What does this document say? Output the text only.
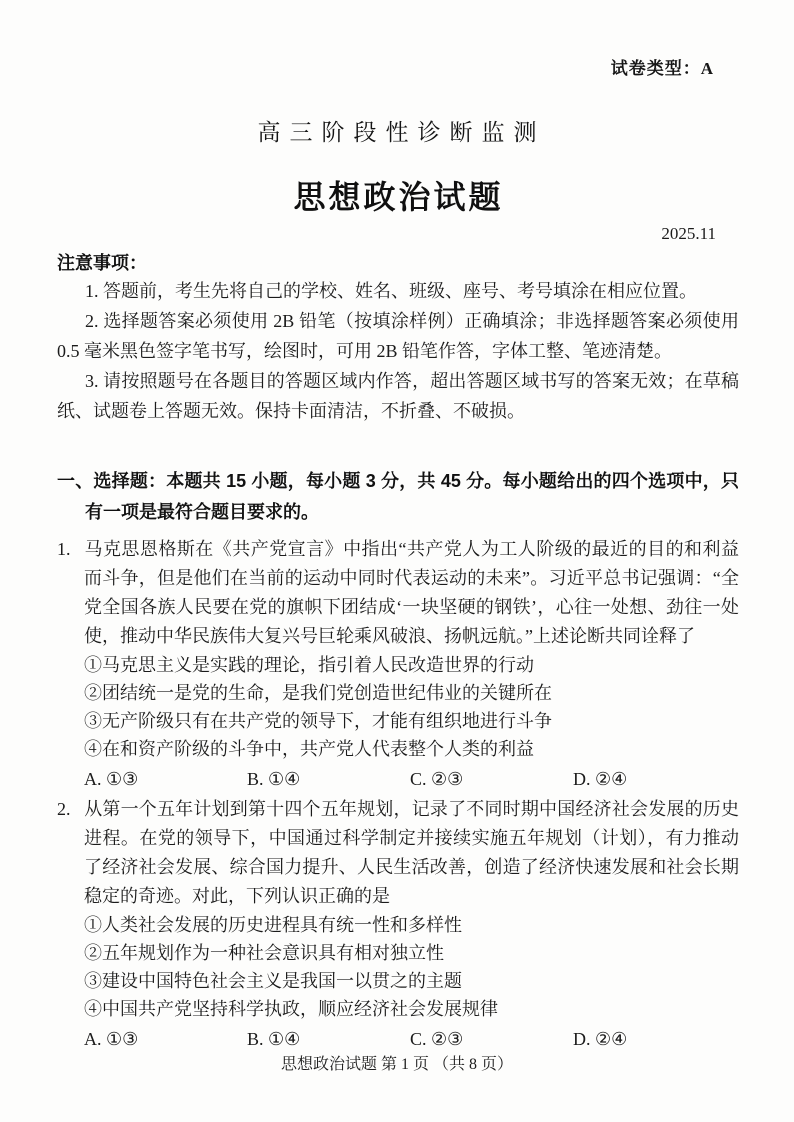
试卷类型：A
高三阶段性诊断监测
思想政治试题
2025.11
注意事项：

1. 答题前，考生先将自己的学校、姓名、班级、座号、考号填涂在相应位置。

2. 选择题答案必须使用 2B 铅笔（按填涂样例）正确填涂；非选择题答案必须使用 0.5 毫米黑色签字笔书写，绘图时，可用 2B 铅笔作答，字体工整、笔迹清楚。

3. 请按照题号在各题目的答题区域内作答，超出答题区域书写的答案无效；在草稿纸、试题卷上答题无效。保持卡面清洁，不折叠、不破损。

一、选择题：本题共 15 小题，每小题 3 分，共 45 分。每小题给出的四个选项中，只有一项是最符合题目要求的。

1. 马克思恩格斯在《共产党宣言》中指出“共产党人为工人阶级的最近的目的和利益而斗争，但是他们在当前的运动中同时代表运动的未来”。习近平总书记强调：“全党全国各族人民要在党的旗帜下团结成‘一块坚硬的钢铁’，心往一处想、劲往一处使，推动中华民族伟大复兴号巨轮乘风破浪、扬帆远航。”上述论断共同诠释了

①马克思主义是实践的理论，指引着人民改造世界的行动

②团结统一是党的生命，是我们党创造世纪伟业的关键所在

③无产阶级只有在共产党的领导下，才能有组织地进行斗争

④在和资产阶级的斗争中，共产党人代表整个人类的利益

A. ①③	B. ①④	C. ②③	D. ②④

2. 从第一个五年计划到第十四个五年规划，记录了不同时期中国经济社会发展的历史进程。在党的领导下，中国通过科学制定并接续实施五年规划（计划），有力推动了经济社会发展、综合国力提升、人民生活改善，创造了经济快速发展和社会长期稳定的奇迹。对此，下列认识正确的是

①人类社会发展的历史进程具有统一性和多样性

②五年规划作为一种社会意识具有相对独立性

③建设中国特色社会主义是我国一以贯之的主题

④中国共产党坚持科学执政，顺应经济社会发展规律

A. ①③	B. ①④	C. ②③	D. ②④
思想政治试题 第 1 页 （共 8 页）
